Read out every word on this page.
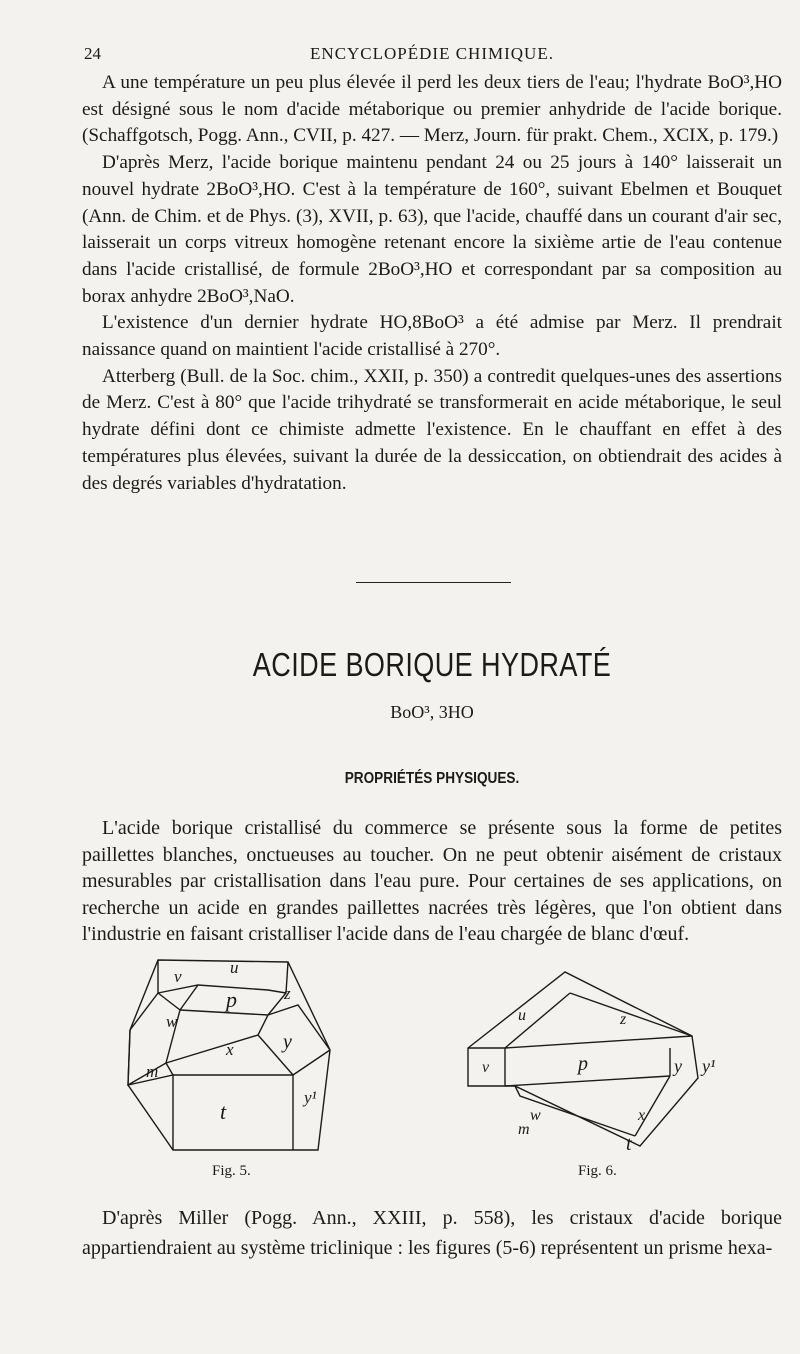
24	ENCYCLOPÉDIE CHIMIQUE.

A une température un peu plus élevée il perd les deux tiers de l'eau; l'hydrate BoO³,HO est désigné sous le nom d'acide métaborique ou premier anhydride de l'acide borique. (Schaffgotsch, Pogg. Ann., CVII, p. 427. — Merz, Journ. für prakt. Chem., XCIX, p. 179.)

D'après Merz, l'acide borique maintenu pendant 24 ou 25 jours à 140° laisserait un nouvel hydrate 2BoO³,HO. C'est à la température de 160°, suivant Ebelmen et Bouquet (Ann. de Chim. et de Phys. (3), XVII, p. 63), que l'acide, chauffé dans un courant d'air sec, laisserait un corps vitreux homogène retenant encore la sixième artie de l'eau contenue dans l'acide cristallisé, de formule 2BoO³,HO et correspondant par sa composition au borax anhydre 2BoO³,NaO.

L'existence d'un dernier hydrate HO,8BoO³ a été admise par Merz. Il prendrait naissance quand on maintient l'acide cristallisé à 270°.

Atterberg (Bull. de la Soc. chim., XXII, p. 350) a contredit quelques-unes des assertions de Merz. C'est à 80° que l'acide trihydraté se transformerait en acide métaborique, le seul hydrate défini dont ce chimiste admette l'existence. En le chauffant en effet à des températures plus élevées, suivant la durée de la dessiccation, on obtiendrait des acides à des degrés variables d'hydratation.

ACIDE BORIQUE HYDRATÉ
BoO³, 3HO
PROPRIÉTÉS PHYSIQUES.

L'acide borique cristallisé du commerce se présente sous la forme de petites paillettes blanches, onctueuses au toucher. On ne peut obtenir aisément de cristaux mesurables par cristallisation dans l'eau pure. Pour certaines de ses applications, on recherche un acide en grandes paillettes nacrées très légères, que l'on obtient dans l'industrie en faisant cristalliser l'acide dans de l'eau chargée de blanc d'œuf.

v	u
p	z
w
y
x
m
y¹
t
Fig. 5.
u	z
v	p	y y¹
w	x
m
t
Fig. 6.

D'après Miller (Pogg. Ann., XXIII, p. 558), les cristaux d'acide borique appartiendraient au système triclinique : les figures (5-6) représentent un prisme hexa-
